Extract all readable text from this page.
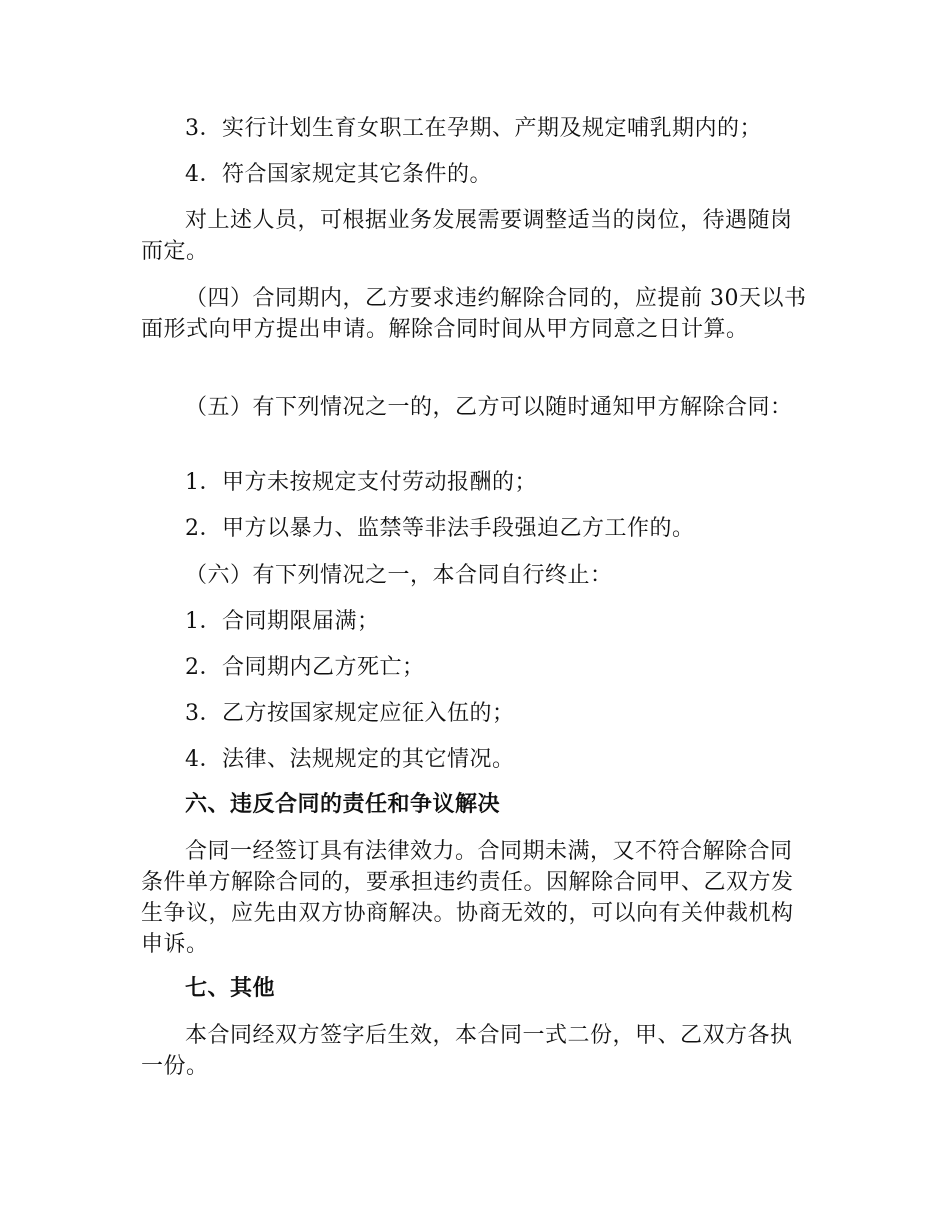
3．实行计划生育女职工在孕期、产期及规定哺乳期内的；

4．符合国家规定其它条件的。

对上述人员，可根据业务发展需要调整适当的岗位，待遇随岗而定。

（四）合同期内，乙方要求违约解除合同的，应提前 30天以书面形式向甲方提出申请。解除合同时间从甲方同意之日计算。

（五）有下列情况之一的，乙方可以随时通知甲方解除合同：

1．甲方未按规定支付劳动报酬的；

2．甲方以暴力、监禁等非法手段强迫乙方工作的。

（六）有下列情况之一，本合同自行终止：

1．合同期限届满；

2．合同期内乙方死亡；

3．乙方按国家规定应征入伍的；

4．法律、法规规定的其它情况。

六、违反合同的责任和争议解决

合同一经签订具有法律效力。合同期未满，又不符合解除合同条件单方解除合同的，要承担违约责任。因解除合同甲、乙双方发生争议，应先由双方协商解决。协商无效的，可以向有关仲裁机构申诉。

七、其他

本合同经双方签字后生效，本合同一式二份，甲、乙双方各执一份。
